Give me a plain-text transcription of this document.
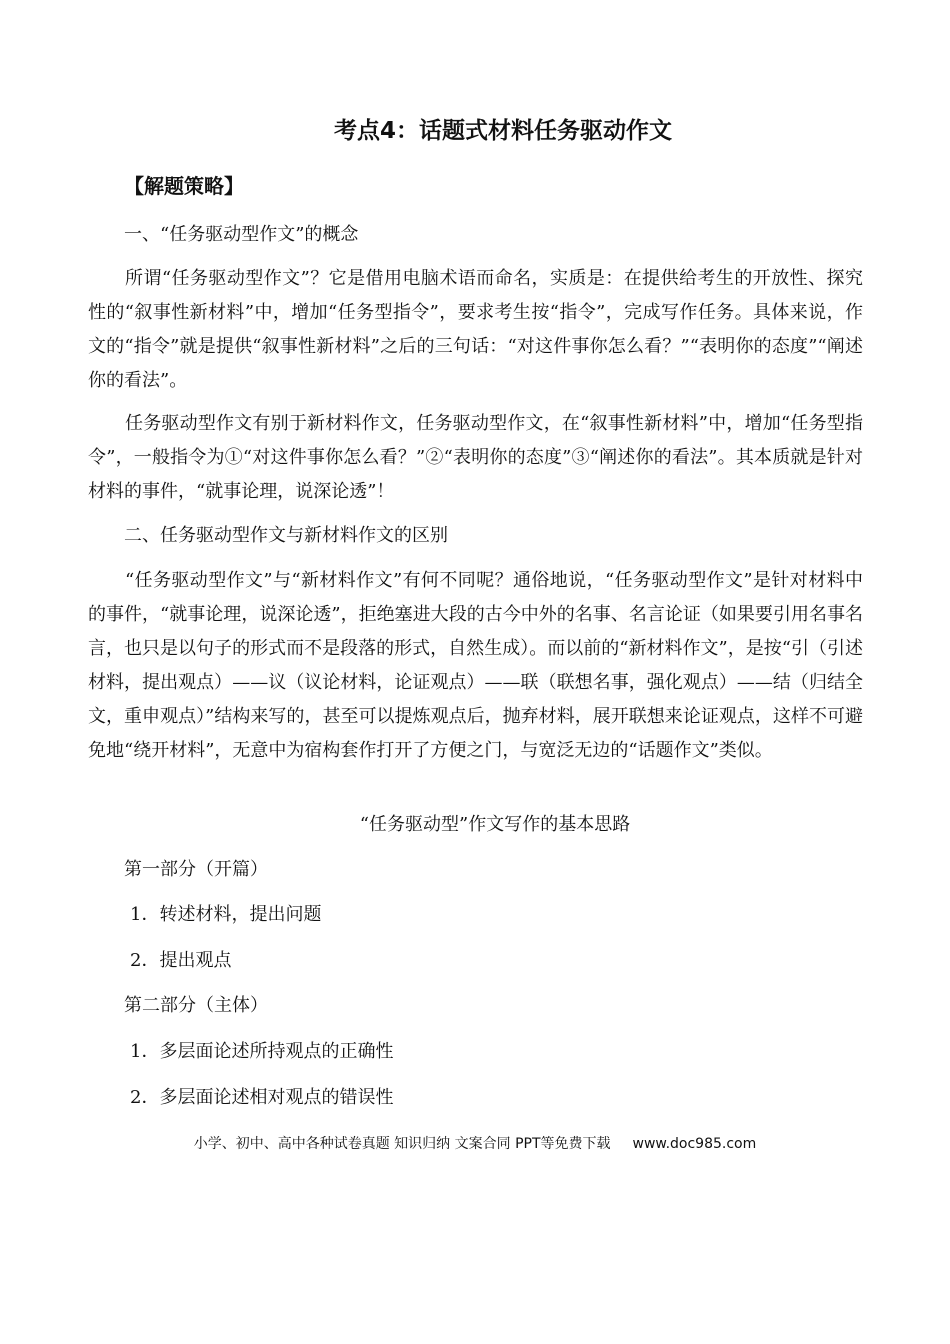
考点4：话题式材料任务驱动作文
【解题策略】
一、“任务驱动型作文”的概念
所谓“任务驱动型作文”？它是借用电脑术语而命名，实质是：在提供给考生的开放性、探究性的“叙事性新材料”中，增加“任务型指令”，要求考生按“指令”，完成写作任务。具体来说，作文的“指令”就是提供“叙事性新材料”之后的三句话：“对这件事你怎么看？”“表明你的态度”“阐述你的看法”。
任务驱动型作文有别于新材料作文，任务驱动型作文，在“叙事性新材料”中，增加“任务型指令”，一般指令为①“对这件事你怎么看？”②“表明你的态度”③“阐述你的看法”。其本质就是针对材料的事件，“就事论理，说深论透”！
二、任务驱动型作文与新材料作文的区别
“任务驱动型作文”与“新材料作文”有何不同呢？通俗地说，“任务驱动型作文”是针对材料中的事件，“就事论理，说深论透”，拒绝塞进大段的古今中外的名事、名言论证（如果要引用名事名言，也只是以句子的形式而不是段落的形式，自然生成）。而以前的“新材料作文”，是按“引（引述材料，提出观点）——议（议论材料，论证观点）——联（联想名事，强化观点）——结（归结全文，重申观点）”结构来写的，甚至可以提炼观点后，抛弃材料，展开联想来论证观点，这样不可避免地“绕开材料”，无意中为宿构套作打开了方便之门，与宽泛无边的“话题作文”类似。
“任务驱动型”作文写作的基本思路
第一部分（开篇）
1．转述材料，提出问题
2．提出观点
第二部分（主体）
1．多层面论述所持观点的正确性
2．多层面论述相对观点的错误性
小学、初中、高中各种试卷真题 知识归纳 文案合同 PPT等免费下载 www.doc985.com
